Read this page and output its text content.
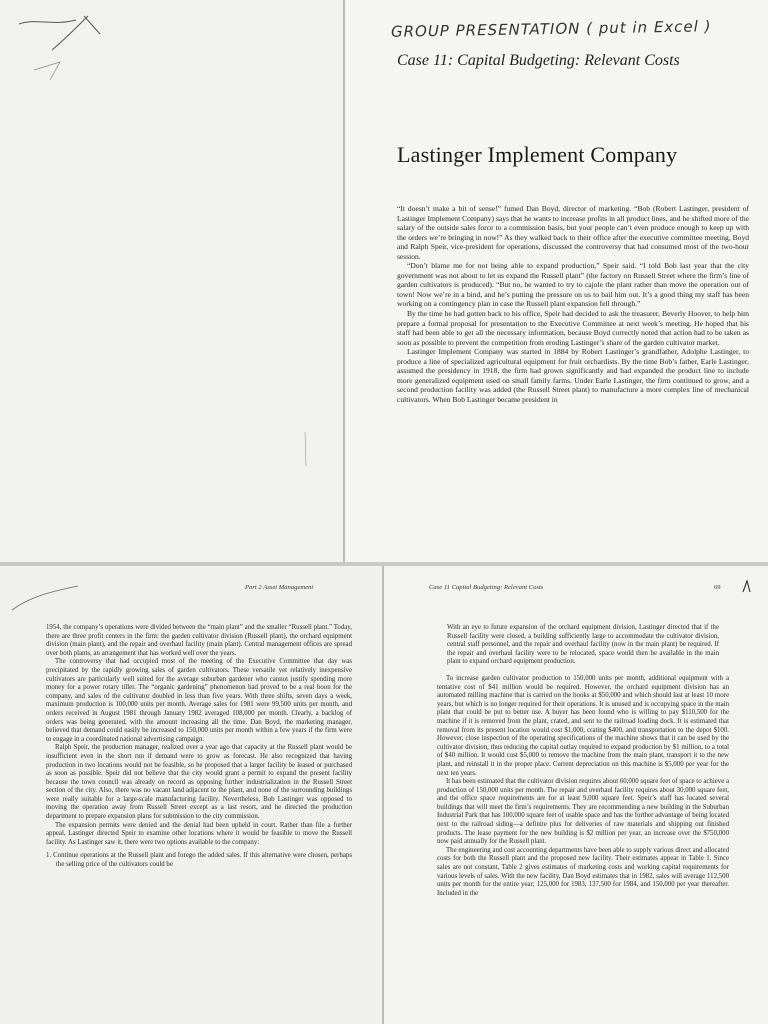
GROUP PRESENTATION ( put in Excel )
Case 11: Capital Budgeting: Relevant Costs
Lastinger Implement Company

“It doesn’t make a bit of sense!” fumed Dan Boyd, director of marketing. “Bob (Robert Lastinger, president of Lastinger Implement Company) says that he wants to increase profits in all product lines, and he shifted more of the salary of the outside sales force to a commission basis, but your people can’t even produce enough to keep up with the orders we’re bringing in now!” As they walked back to their office after the executive committee meeting, Boyd and Ralph Speir, vice-president for operations, discussed the controversy that had consumed most of the two-hour session.

“Don’t blame me for not being able to expand production,” Speir said. “I told Bob last year that the city government was not about to let us expand the Russell plant” (the factory on Russell Street where the firm’s line of garden cultivators is produced). “But no, he wanted to try to cajole the plant rather than move the operation out of town! Now we’re in a bind, and he’s putting the pressure on us to bail him out. It’s a good thing my staff has been working on a contingency plan in case the Russell plant expansion fell through.”

By the time he had gotten back to his office, Speir had decided to ask the treasurer, Beverly Hoover, to help him prepare a formal proposal for presentation to the Executive Committee at next week’s meeting. He hoped that his staff had been able to get all the necessary information, because Boyd correctly noted that action had to be taken as soon as possible to prevent the competition from eroding Lastinger’s share of the garden cultivator market.

Lastinger Implement Company was started in 1884 by Robert Lastinger’s grandfather, Adolphe Lastinger, to produce a line of specialized agricultural equipment for fruit orchardists. By the time Bob’s father, Earle Lastinger, assumed the presidency in 1918, the firm had grown significantly and had expanded the product line to include more generalized equipment used on small family farms. Under Earle Lastinger, the firm continued to grow, and a second production facility was added (the Russell Street plant) to manufacture a more complex line of mechanical cultivators. When Bob Lastinger became president in

Part 2 Asset Management

1954, the company’s operations were divided between the “main plant” and the smaller “Russell plant.” Today, there are three profit centers in the firm: the garden cultivator division (Russell plant), the orchard equipment division (main plant), and the repair and overhaul facility (main plant). Central management offices are spread over both plants, an arrangement that has worked well over the years.

The controversy that had occupied most of the meeting of the Executive Committee that day was precipitated by the rapidly growing sales of garden cultivators. These versatile yet relatively inexpensive cultivators are particularly well suited for the average suburban gardener who cannot justify spending more money for a power rotary tiller. The “organic gardening” phenomenon had proved to be a real boon for the company, and sales of the cultivator doubled in less than five years. With three shifts, seven days a week, maximum production is 100,000 units per month. Average sales for 1981 were 99,500 units per month, and orders received in August 1981 through January 1982 averaged 108,000 per month. Clearly, a backlog of orders was being generated, with the amount increasing all the time. Dan Boyd, the marketing manager, believed that demand could easily be increased to 150,000 units per month within a few years if the firm were to engage in a coordinated national advertising campaign.

Ralph Speir, the production manager, realized over a year ago that capacity at the Russell plant would be insufficient even in the short run if demand were to grow as forecast. He also recognized that having production in two locations would not be feasible, so he proposed that a larger facility be leased or purchased as soon as possible. Speir did not believe that the city would grant a permit to expand the present facility because the town council was already on record as opposing further industrialization in the Russell Street section of the city. Also, there was no vacant land adjacent to the plant, and none of the surrounding buildings were really suitable for a large-scale manufacturing facility. Nevertheless, Bob Lastinger was opposed to moving the operation away from Russell Street except as a last resort, and he directed the production department to prepare expansion plans for submission to the city commission.

The expansion permits were denied and the denial had been upheld in court. Rather than file a further appeal, Lastinger directed Speir to examine other locations where it would be feasible to move the Russell facility. As Lastinger saw it, there were two options available to the company:

1. Continue operations at the Russell plant and forego the added sales. If this alternative were chosen, perhaps the selling price of the cultivators could be

Case 11 Capital Budgeting: Relevant Costs	69

With an eye to future expansion of the orchard equipment division, Lastinger directed that if the Russell facility were closed, a building sufficiently large to accommodate the cultivator division, central staff personnel, and the repair and overhaul facility (now in the main plant) be required. If the repair and overhaul facility were to be relocated, space would then be available in the main plant to expand orchard equipment production.

To increase garden cultivator production to 150,000 units per month, additional equipment with a tentative cost of $41 million would be required. However, the orchard equipment division has an automated milling machine that is carried on the books at $50,000 and which should last at least 10 more years, but which is no longer required for their operations. It is unused and is occupying space in the main plant that could be put to better use. A buyer has been found who is willing to pay $110,500 for the machine if it is removed from the plant, crated, and sent to the railroad loading dock. It is estimated that removal from its present location would cost $1,000, crating $400, and transportation to the depot $100. However, close inspection of the operating specifications of the machine shows that it can be used by the cultivator division, thus reducing the capital outlay required to expand production by $1 million, to a total of $40 million. It would cost $5,000 to remove the machine from the main plant, transport it to the new plant, and reinstall it in the proper place. Current depreciation on this machine is $5,000 per year for the next ten years.

It has been estimated that the cultivator division requires about 60,000 square feet of space to achieve a production of 150,000 units per month. The repair and overhaul facility requires about 30,000 square feet, and the office space requirements are for at least 9,000 square feet. Speir’s staff has located several buildings that will meet the firm’s requirements. They are recommending a new building in the Suburban Industrial Park that has 100,000 square feet of usable space and has the further advantage of being located next to the railroad siding—a definite plus for deliveries of raw materials and shipping out finished products. The lease payment for the new building is $2 million per year, an increase over the $750,000 now paid annually for the Russell plant.

The engineering and cost accounting departments have been able to supply various direct and allocated costs for both the Russell plant and the proposed new facility. Their estimates appear in Table 1. Since sales are not constant, Table 2 gives estimates of marketing costs and working capital requirements for various levels of sales. With the new facility, Dan Boyd estimates that in 1982, sales will average 112,500 units per month for the entire year; 125,000 for 1983, 137,500 for 1984, and 150,000 per year thereafter. Included in the
